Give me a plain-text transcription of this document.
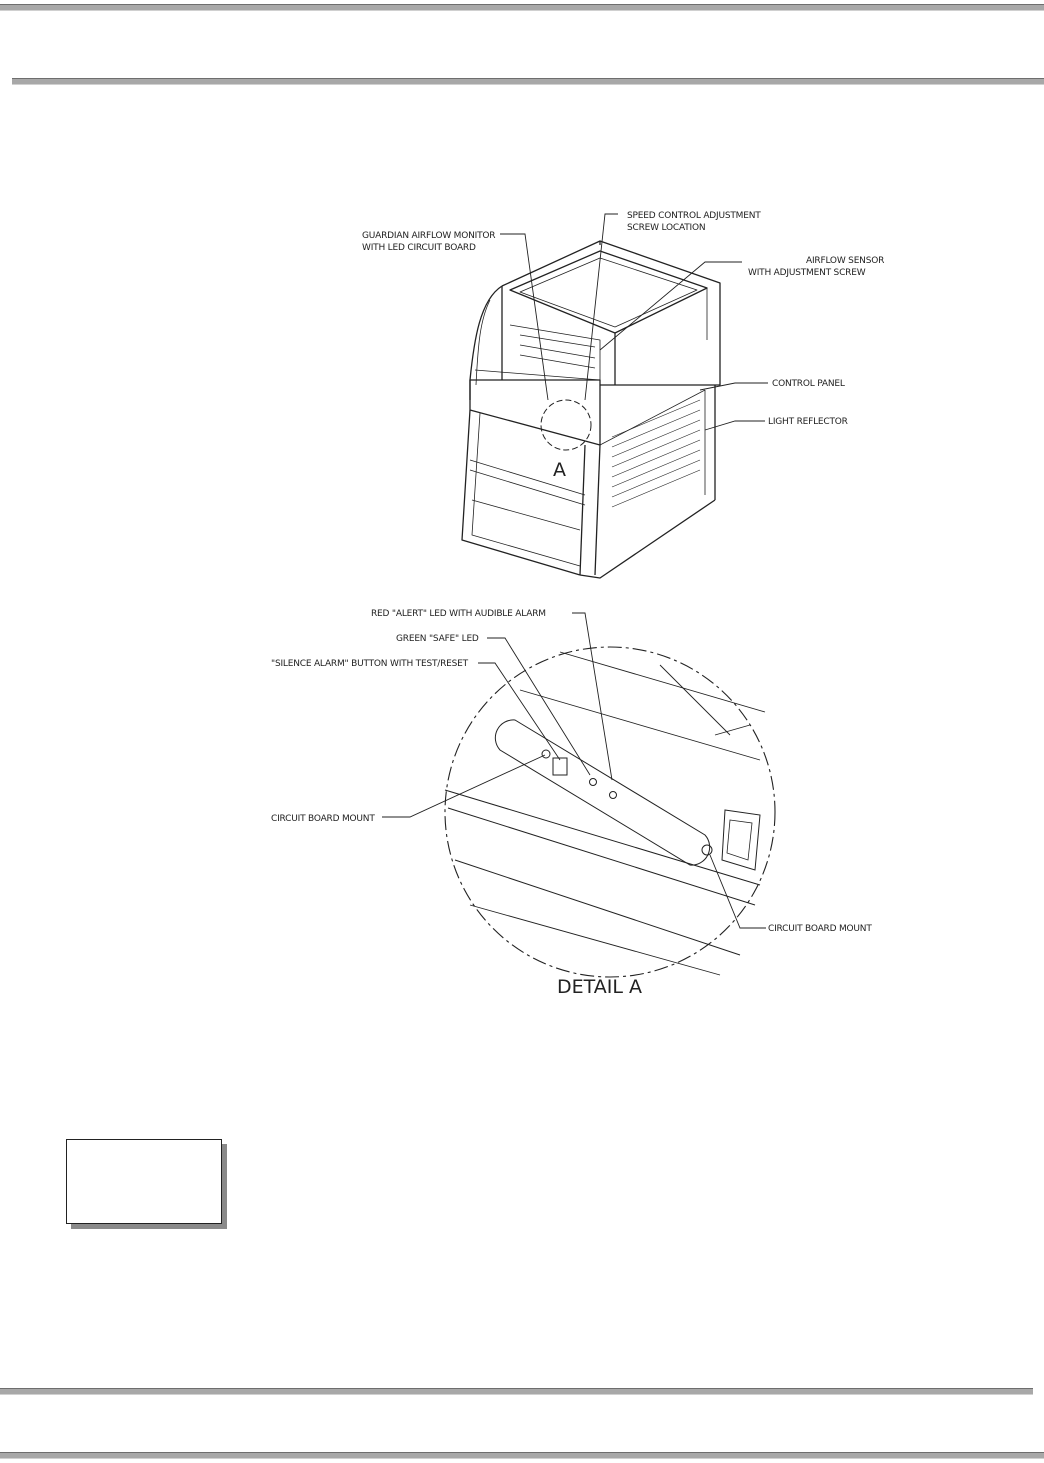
GUARDIAN AIRFLOW MONITOR
WITH LED CIRCUIT BOARD
SPEED CONTROL ADJUSTMENT
SCREW LOCATION
AIRFLOW SENSOR
WITH ADJUSTMENT SCREW
CONTROL PANEL
LIGHT REFLECTOR
A
RED "ALERT" LED WITH AUDIBLE ALARM
GREEN "SAFE" LED
"SILENCE ALARM" BUTTON WITH TEST/RESET
CIRCUIT BOARD MOUNT
CIRCUIT BOARD MOUNT
DETAIL A
